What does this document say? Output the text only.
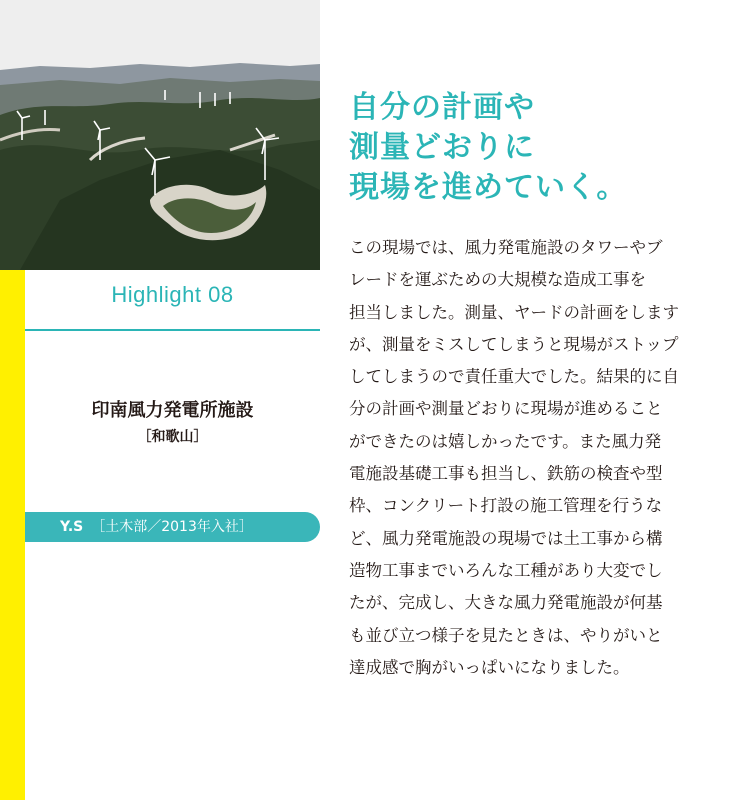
Highlight 08
印南風力発電所施設
［和歌山］
Y.S ［土木部／2013年入社］
自分の計画や
測量どおりに
現場を進めていく。
この現場では、風力発電施設のタワーやブ
レードを運ぶための大規模な造成工事を
担当しました。測量、ヤードの計画をします
が、測量をミスしてしまうと現場がストップ
してしまうので責任重大でした。結果的に自
分の計画や測量どおりに現場が進めること
ができたのは嬉しかったです。また風力発
電施設基礎工事も担当し、鉄筋の検査や型
枠、コンクリート打設の施工管理を行うな
ど、風力発電施設の現場では土工事から構
造物工事までいろんな工種があり大変でし
たが、完成し、大きな風力発電施設が何基
も並び立つ様子を見たときは、やりがいと
達成感で胸がいっぱいになりました。
